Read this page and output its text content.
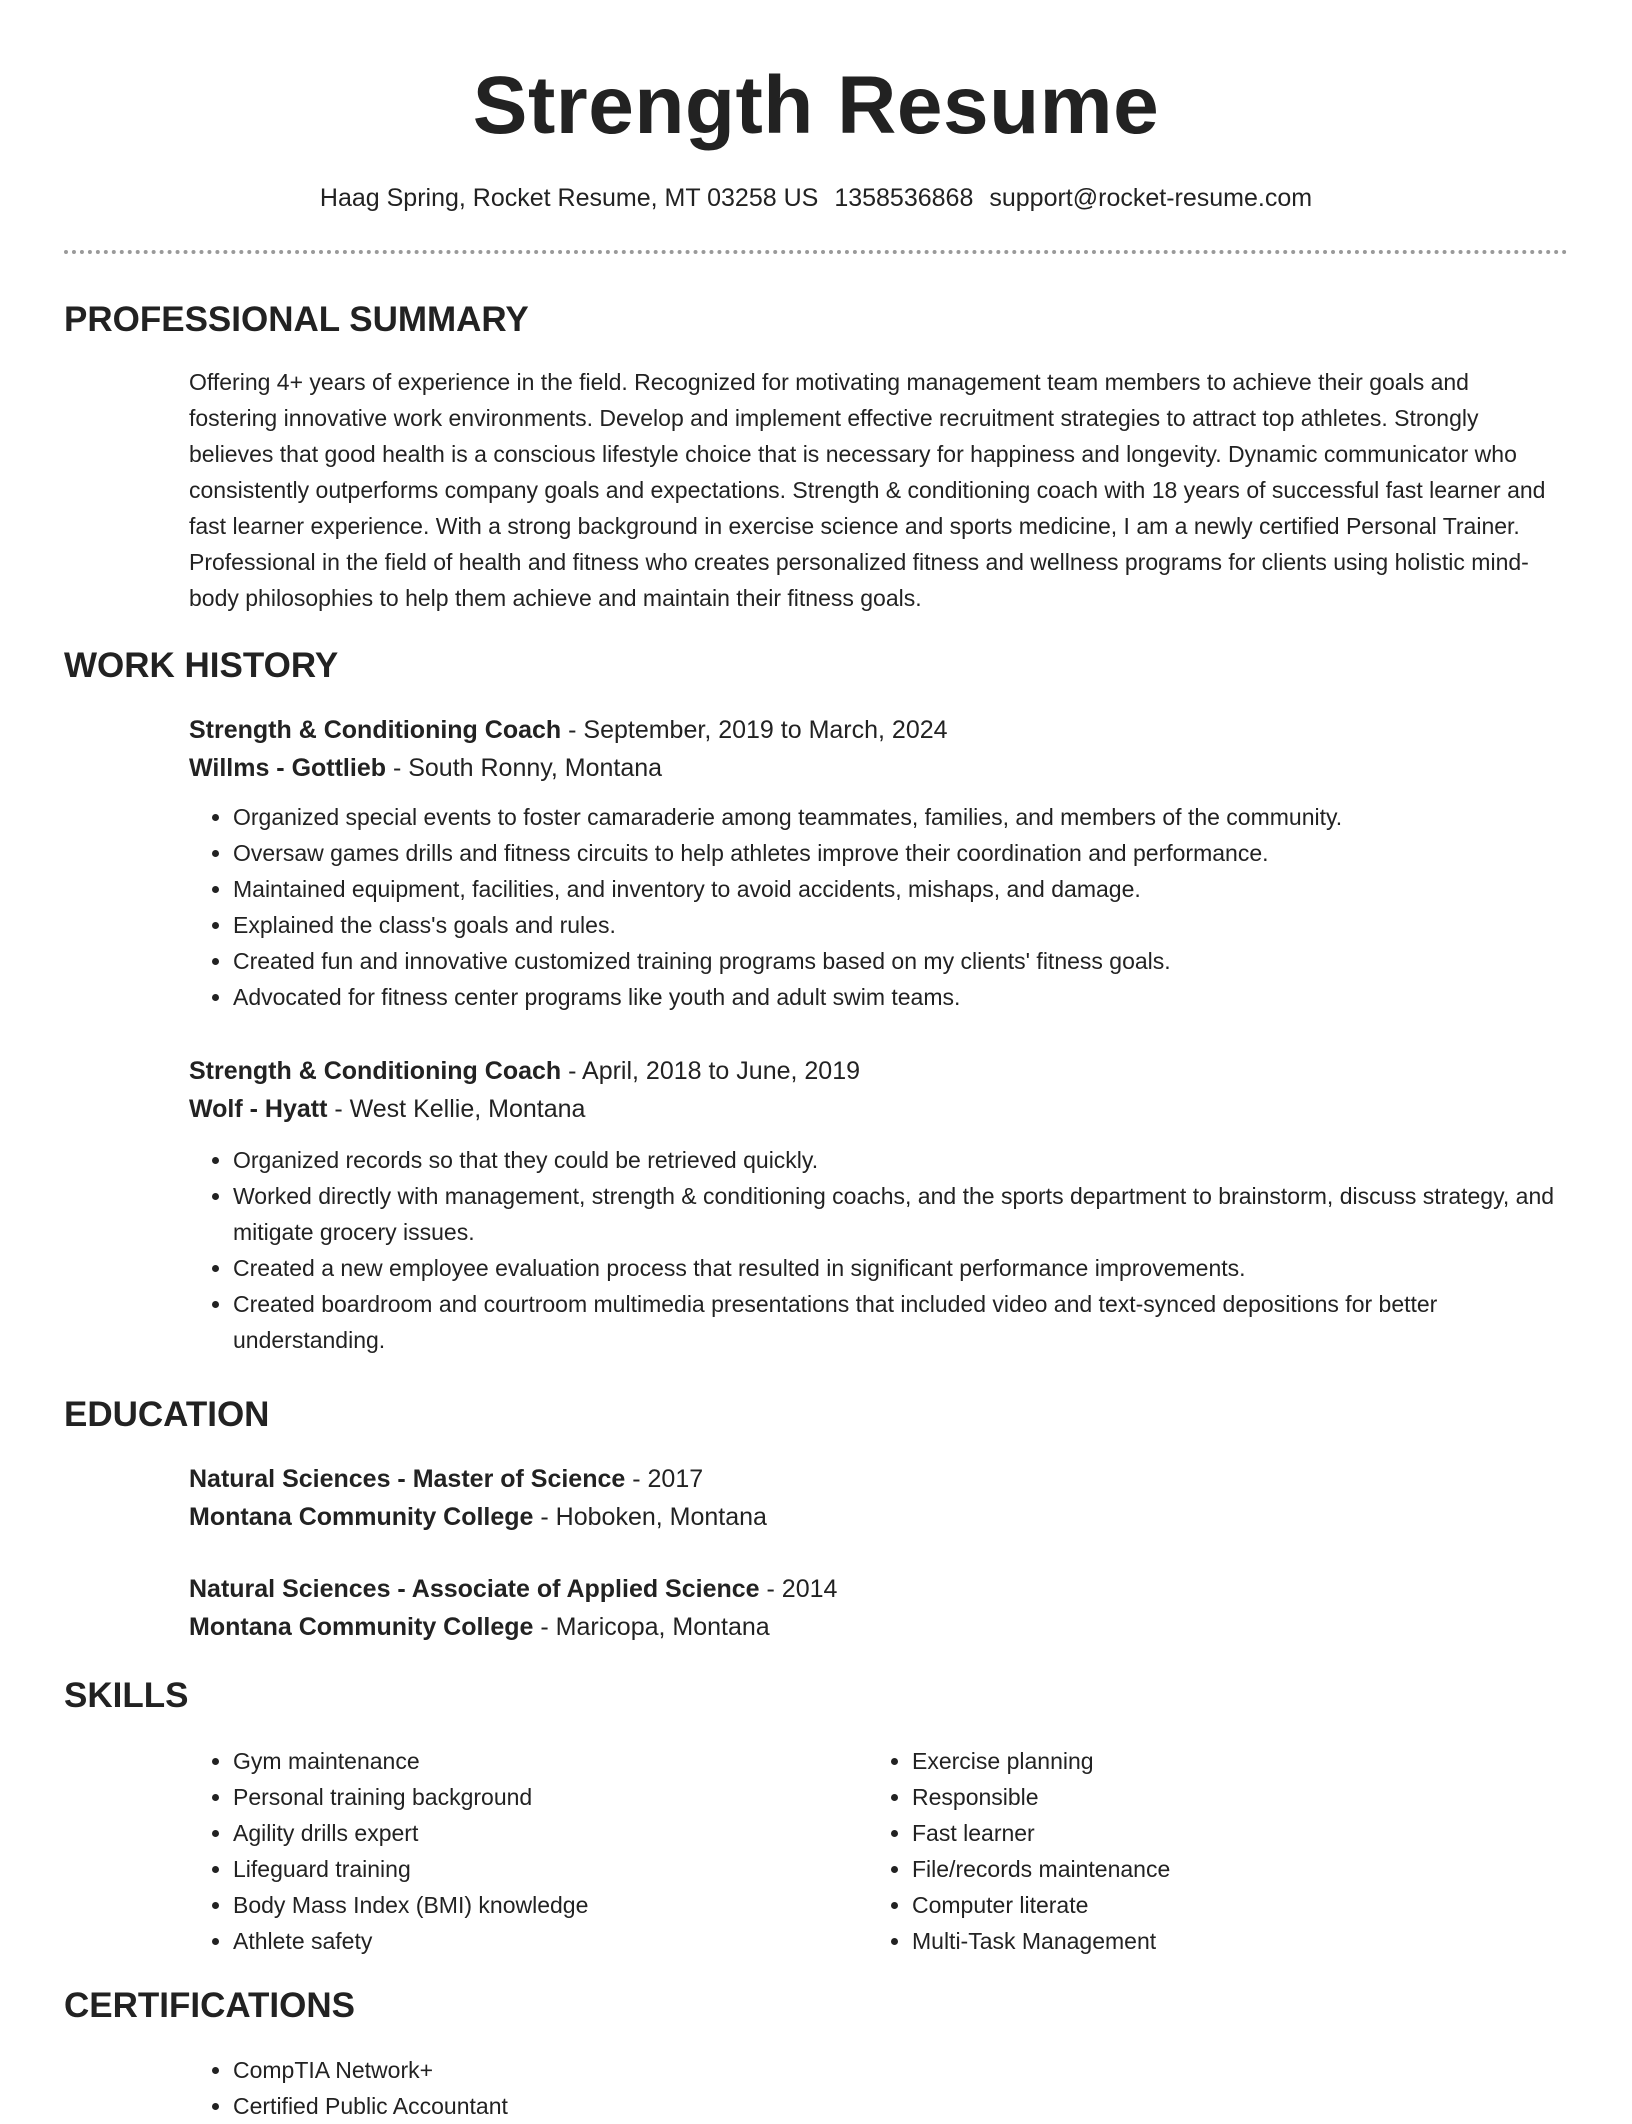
Strength Resume
Haag Spring, Rocket Resume, MT 03258 US 1358536868 support@rocket-resume.com
PROFESSIONAL SUMMARY

Offering 4+ years of experience in the field. Recognized for motivating management team members to achieve their goals and fostering innovative work environments. Develop and implement effective recruitment strategies to attract top athletes. Strongly believes that good health is a conscious lifestyle choice that is necessary for happiness and longevity. Dynamic communicator who consistently outperforms company goals and expectations. Strength & conditioning coach with 18 years of successful fast learner and fast learner experience. With a strong background in exercise science and sports medicine, I am a newly certified Personal Trainer. Professional in the field of health and fitness who creates personalized fitness and wellness programs for clients using holistic mind-body philosophies to help them achieve and maintain their fitness goals.

WORK HISTORY

Strength & Conditioning Coach - September, 2019 to March, 2024

Willms - Gottlieb - South Ronny, Montana

• Organized special events to foster camaraderie among teammates, families, and members of the community.
• Oversaw games drills and fitness circuits to help athletes improve their coordination and performance.
• Maintained equipment, facilities, and inventory to avoid accidents, mishaps, and damage.
• Explained the class's goals and rules.
• Created fun and innovative customized training programs based on my clients' fitness goals.
• Advocated for fitness center programs like youth and adult swim teams.

Strength & Conditioning Coach - April, 2018 to June, 2019

Wolf - Hyatt - West Kellie, Montana

• Organized records so that they could be retrieved quickly.
• Worked directly with management, strength & conditioning coachs, and the sports department to brainstorm, discuss strategy, and mitigate grocery issues.
• Created a new employee evaluation process that resulted in significant performance improvements.
• Created boardroom and courtroom multimedia presentations that included video and text-synced depositions for better understanding.
EDUCATION

Natural Sciences - Master of Science - 2017

Montana Community College - Hoboken, Montana

Natural Sciences - Associate of Applied Science - 2014

Montana Community College - Maricopa, Montana

SKILLS
• Gym maintenance
• Personal training background
• Agility drills expert
• Lifeguard training
• Body Mass Index (BMI) knowledge
• Athlete safety
• Exercise planning
• Responsible
• Fast learner
• File/records maintenance
• Computer literate
• Multi-Task Management
CERTIFICATIONS
• CompTIA Network+
• Certified Public Accountant
